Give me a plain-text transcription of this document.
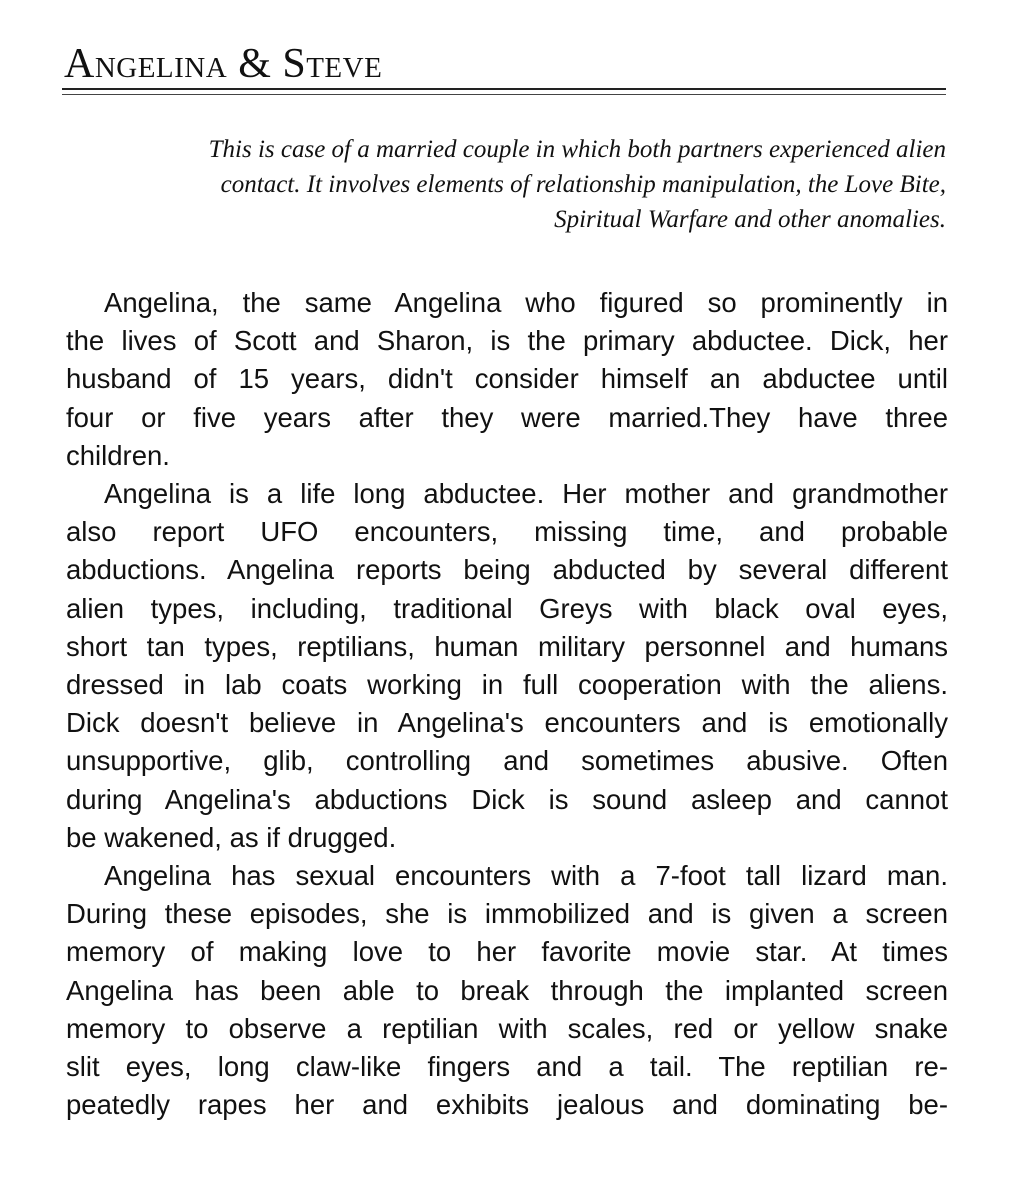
Angelina & Steve
This is case of a married couple in which both partners experienced alien
contact. It involves elements of relationship manipulation, the Love Bite,
Spiritual Warfare and other anomalies.
Angelina, the same Angelina who figured so prominently in
the lives of Scott and Sharon, is the primary abductee. Dick, her
husband of 15 years, didn't consider himself an abductee until
four or five years after they were married.They have three
children.
Angelina is a life long abductee. Her mother and grandmother
also report UFO encounters, missing time, and probable
abductions. Angelina reports being abducted by several different
alien types, including, traditional Greys with black oval eyes,
short tan types, reptilians, human military personnel and humans
dressed in lab coats working in full cooperation with the aliens.
Dick doesn't believe in Angelina's encounters and is emotionally
unsupportive, glib, controlling and sometimes abusive. Often
during Angelina's abductions Dick is sound asleep and cannot
be wakened, as if drugged.
Angelina has sexual encounters with a 7-foot tall lizard man.
During these episodes, she is immobilized and is given a screen
memory of making love to her favorite movie star. At times
Angelina has been able to break through the implanted screen
memory to observe a reptilian with scales, red or yellow snake
slit eyes, long claw-like fingers and a tail. The reptilian re-
peatedly rapes her and exhibits jealous and dominating be-
